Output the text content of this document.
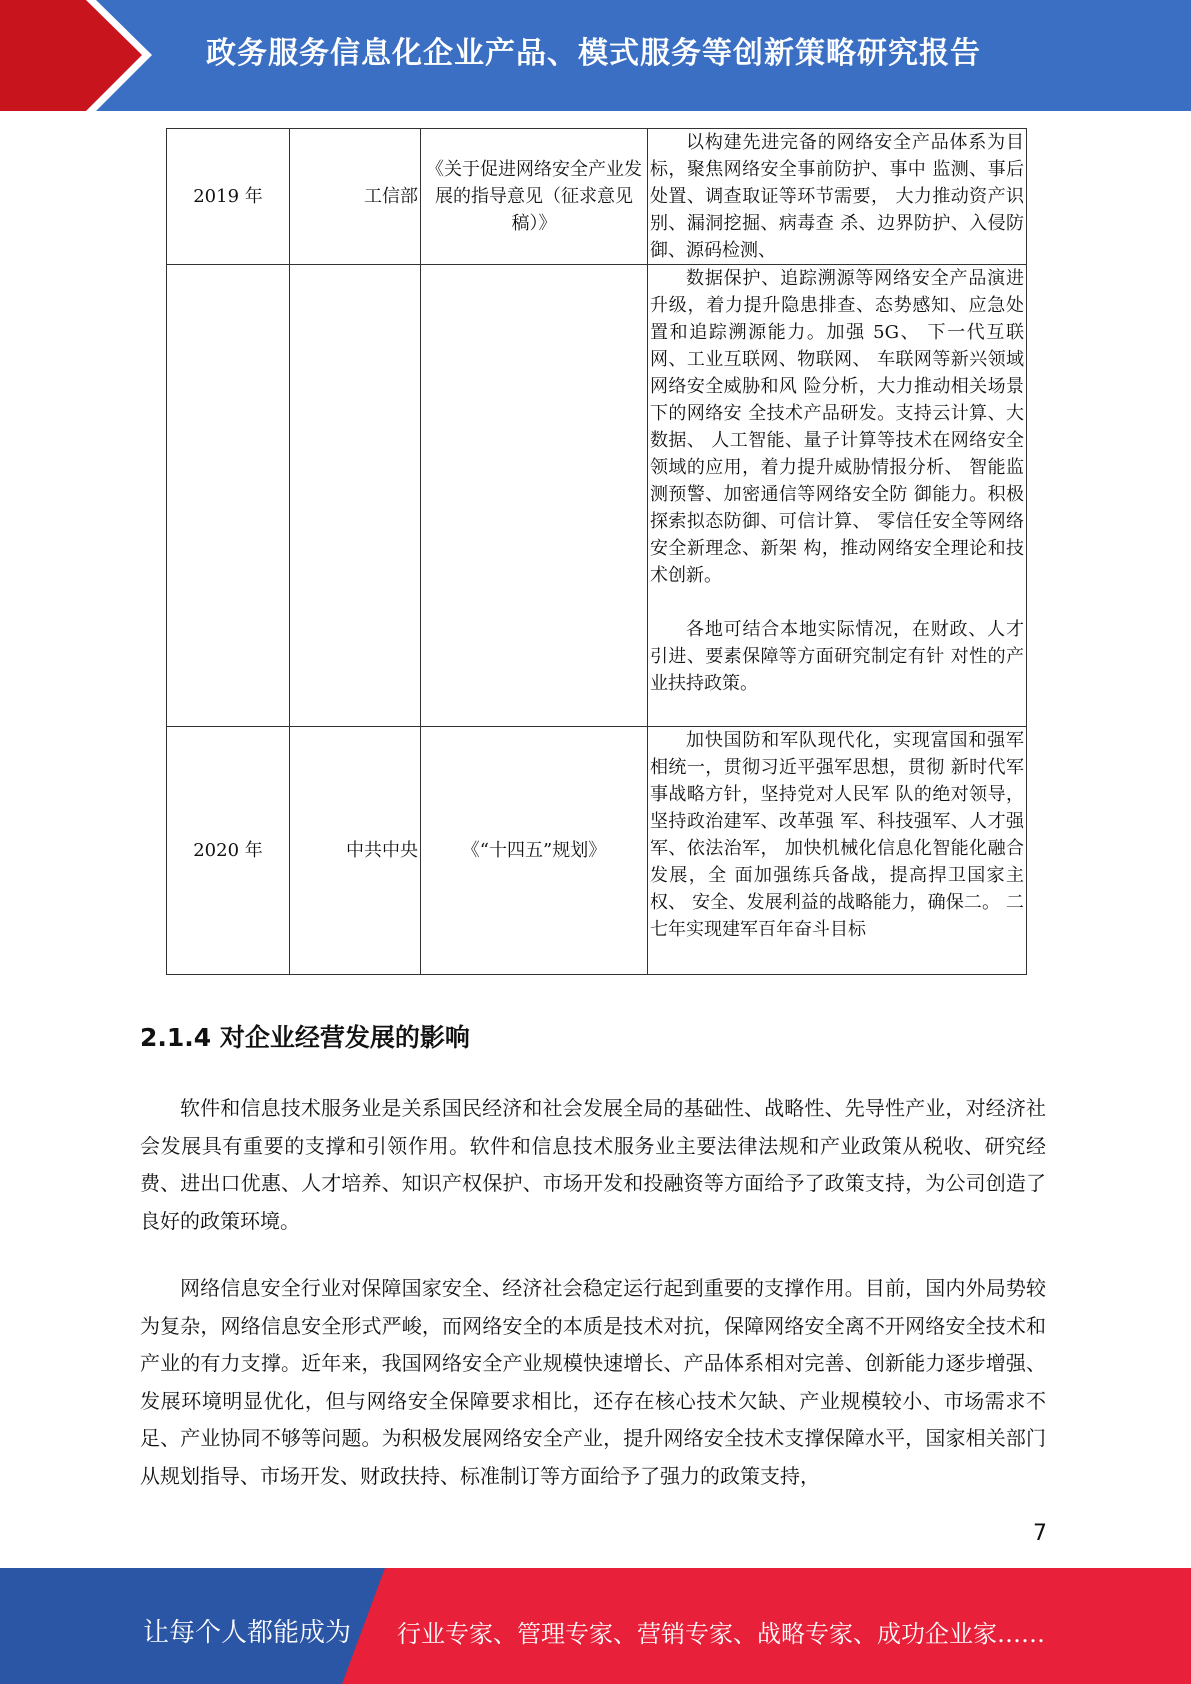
政务服务信息化企业产品、模式服务等创新策略研究报告
2019 年	工信部	《关于促进网络安全产业发展的指导意见（征求意见稿）》	以构建先进完备的网络安全产品体系为目标，聚焦网络安全事前防护、事中 监测、事后处置、调查取证等环节需要， 大力推动资产识别、漏洞挖掘、病毒查 杀、边界防护、入侵防御、源码检测、

			数据保护、追踪溯源等网络安全产品演进升级，着力提升隐患排查、态势感知、应急处置和追踪溯源能力。加强 5G、 下一代互联网、工业互联网、物联网、 车联网等新兴领域网络安全威胁和风 险分析，大力推动相关场景下的网络安 全技术产品研发。支持云计算、大数据、 人工智能、量子计算等技术在网络安全 领域的应用，着力提升威胁情报分析、 智能监测预警、加密通信等网络安全防 御能力。积极探索拟态防御、可信计算、 零信任安全等网络安全新理念、新架 构，推动网络安全理论和技术创新。

各地可结合本地实际情况，在财政、人才引进、要素保障等方面研究制定有针 对性的产业扶持政策。

2020 年	中共中央	《“十四五”规划》	加快国防和军队现代化，实现富国和强军相统一，贯彻习近平强军思想，贯彻 新时代军事战略方针，坚持党对人民军 队的绝对领导，坚持政治建军、改革强 军、科技强军、人才强军、依法治军， 加快机械化信息化智能化融合发展，全 面加强练兵备战，提高捍卫国家主权、 安全、发展利益的战略能力，确保二。 二七年实现建军百年奋斗目标

2.1.4 对企业经营发展的影响

软件和信息技术服务业是关系国民经济和社会发展全局的基础性、战略性、先导性产业，对经济社会发展具有重要的支撑和引领作用。软件和信息技术服务业主要法律法规和产业政策从税收、研究经费、进出口优惠、人才培养、知识产权保护、市场开发和投融资等方面给予了政策支持，为公司创造了良好的政策环境。

网络信息安全行业对保障国家安全、经济社会稳定运行起到重要的支撑作用。目前，国内外局势较为复杂，网络信息安全形式严峻，而网络安全的本质是技术对抗，保障网络安全离不开网络安全技术和产业的有力支撑。近年来，我国网络安全产业规模快速增长、产品体系相对完善、创新能力逐步增强、发展环境明显优化，但与网络安全保障要求相比，还存在核心技术欠缺、产业规模较小、市场需求不足、产业协同不够等问题。为积极发展网络安全产业，提升网络安全技术支撑保障水平，国家相关部门从规划指导、市场开发、财政扶持、标准制订等方面给予了强力的政策支持，

7
让每个人都能成为 行业专家、管理专家、营销专家、战略专家、成功企业家……
